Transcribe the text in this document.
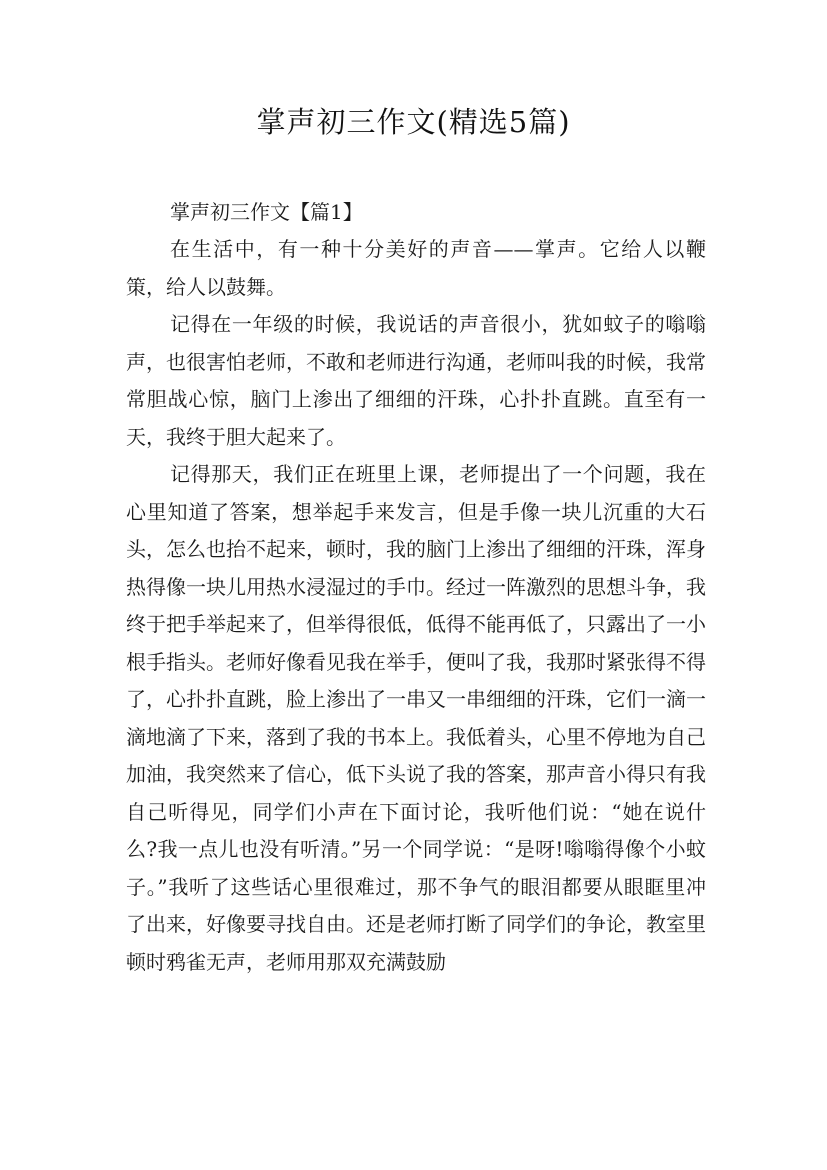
掌声初三作文(精选5篇)

掌声初三作文【篇1】

在生活中，有一种十分美好的声音——掌声。它给人以鞭策，给人以鼓舞。

记得在一年级的时候，我说话的声音很小，犹如蚊子的嗡嗡声，也很害怕老师，不敢和老师进行沟通，老师叫我的时候，我常常胆战心惊，脑门上渗出了细细的汗珠，心扑扑直跳。直至有一天，我终于胆大起来了。

记得那天，我们正在班里上课，老师提出了一个问题，我在心里知道了答案，想举起手来发言，但是手像一块儿沉重的大石头，怎么也抬不起来，顿时，我的脑门上渗出了细细的汗珠，浑身热得像一块儿用热水浸湿过的手巾。经过一阵激烈的思想斗争，我终于把手举起来了，但举得很低，低得不能再低了，只露出了一小根手指头。老师好像看见我在举手，便叫了我，我那时紧张得不得了，心扑扑直跳，脸上渗出了一串又一串细细的汗珠，它们一滴一滴地滴了下来，落到了我的书本上。我低着头，心里不停地为自己加油，我突然来了信心，低下头说了我的答案，那声音小得只有我自己听得见，同学们小声在下面讨论，我听他们说：“她在说什么?我一点儿也没有听清。”另一个同学说：“是呀!嗡嗡得像个小蚊子。”我听了这些话心里很难过，那不争气的眼泪都要从眼眶里冲了出来，好像要寻找自由。还是老师打断了同学们的争论，教室里顿时鸦雀无声，老师用那双充满鼓励
